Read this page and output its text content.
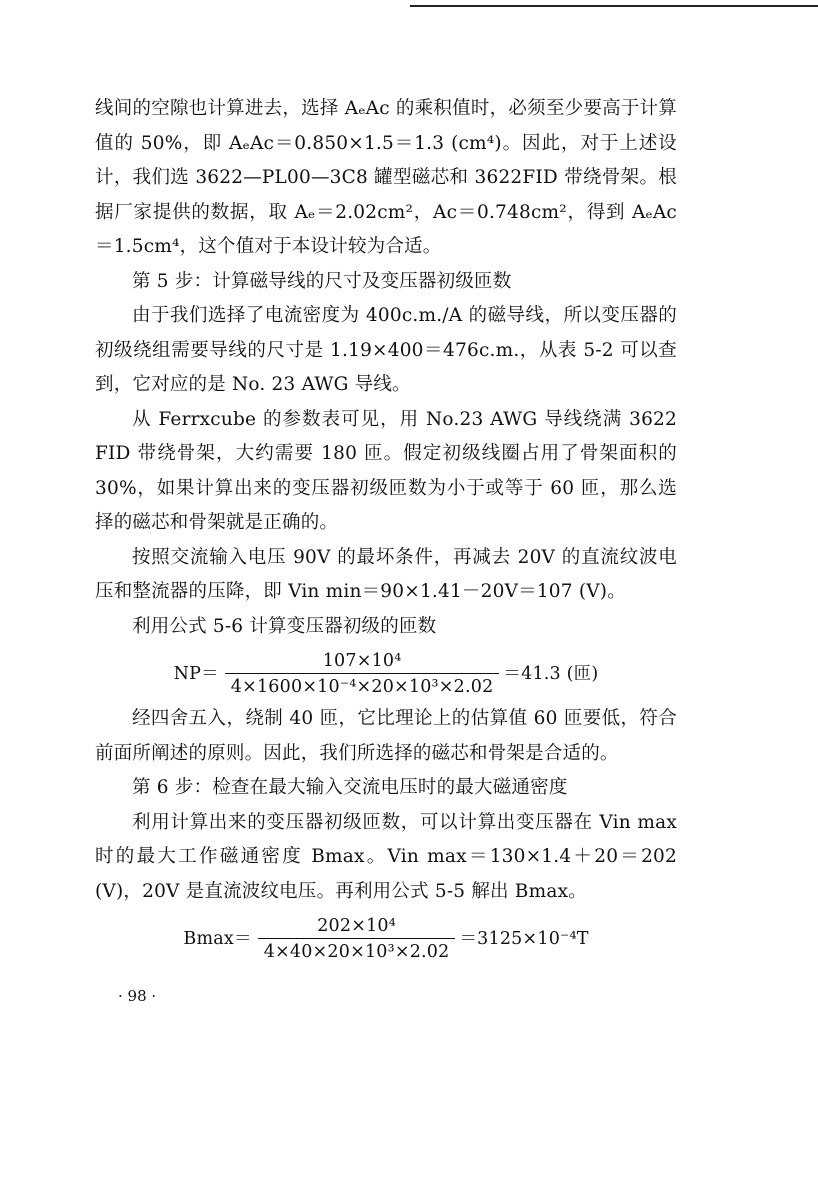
线间的空隙也计算进去，选择 AₑAc 的乘积值时，必须至少要高于计算值的 50%，即 AₑAc＝0.850×1.5＝1.3 (cm⁴)。因此，对于上述设计，我们选 3622—PL00—3C8 罐型磁芯和 3622FID 带绕骨架。根据厂家提供的数据，取 Aₑ＝2.02cm²，Ac＝0.748cm²，得到 AₑAc＝1.5cm⁴，这个值对于本设计较为合适。

第 5 步：计算磁导线的尺寸及变压器初级匝数

由于我们选择了电流密度为 400c.m./A 的磁导线，所以变压器的初级绕组需要导线的尺寸是 1.19×400＝476c.m.，从表 5-2 可以查到，它对应的是 No. 23 AWG 导线。

从 Ferrxcube 的参数表可见，用 No.23 AWG 导线绕满 3622 FID 带绕骨架，大约需要 180 匝。假定初级线圈占用了骨架面积的 30%，如果计算出来的变压器初级匝数为小于或等于 60 匝，那么选择的磁芯和骨架就是正确的。

按照交流输入电压 90V 的最坏条件，再减去 20V 的直流纹波电压和整流器的压降，即 Vin min＝90×1.41－20V＝107 (V)。

利用公式 5-6 计算变压器初级的匝数

$NP= \frac{\text{107×10⁴}}{\text{4×1600×10⁻⁴×20×10³×2.02}} =41.3$ (匝)

经四舍五入，绕制 40 匝，它比理论上的估算值 60 匝要低，符合前面所阐述的原则。因此，我们所选择的磁芯和骨架是合适的。

第 6 步：检查在最大输入交流电压时的最大磁通密度

利用计算出来的变压器初级匝数，可以计算出变压器在 Vin max时的最大工作磁通密度 Bmax。Vin max＝130×1.4＋20＝202 (V)，20V 是直流波纹电压。再利用公式 5-5 解出 Bmax。

$Bmax= \frac{\text{202×10⁴}}{\text{4×40×20×10³×2.02}} =3125\times 10^{-4}T$
· 98 ·
